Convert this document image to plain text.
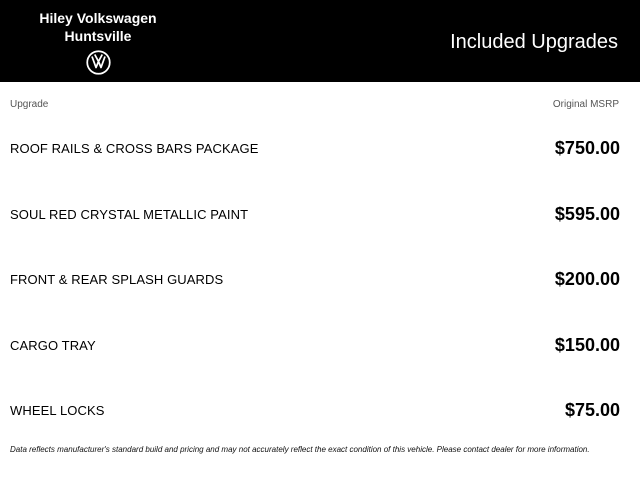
Hiley Volkswagen
Huntsville	Included Upgrades
Upgrade	Original MSRP
ROOF RAILS & CROSS BARS PACKAGE	$750.00
SOUL RED CRYSTAL METALLIC PAINT	$595.00
FRONT & REAR SPLASH GUARDS	$200.00
CARGO TRAY	$150.00
WHEEL LOCKS	$75.00
Data reflects manufacturer's standard build and pricing and may not accurately reflect the exact condition of this vehicle. Please contact dealer for more information.
